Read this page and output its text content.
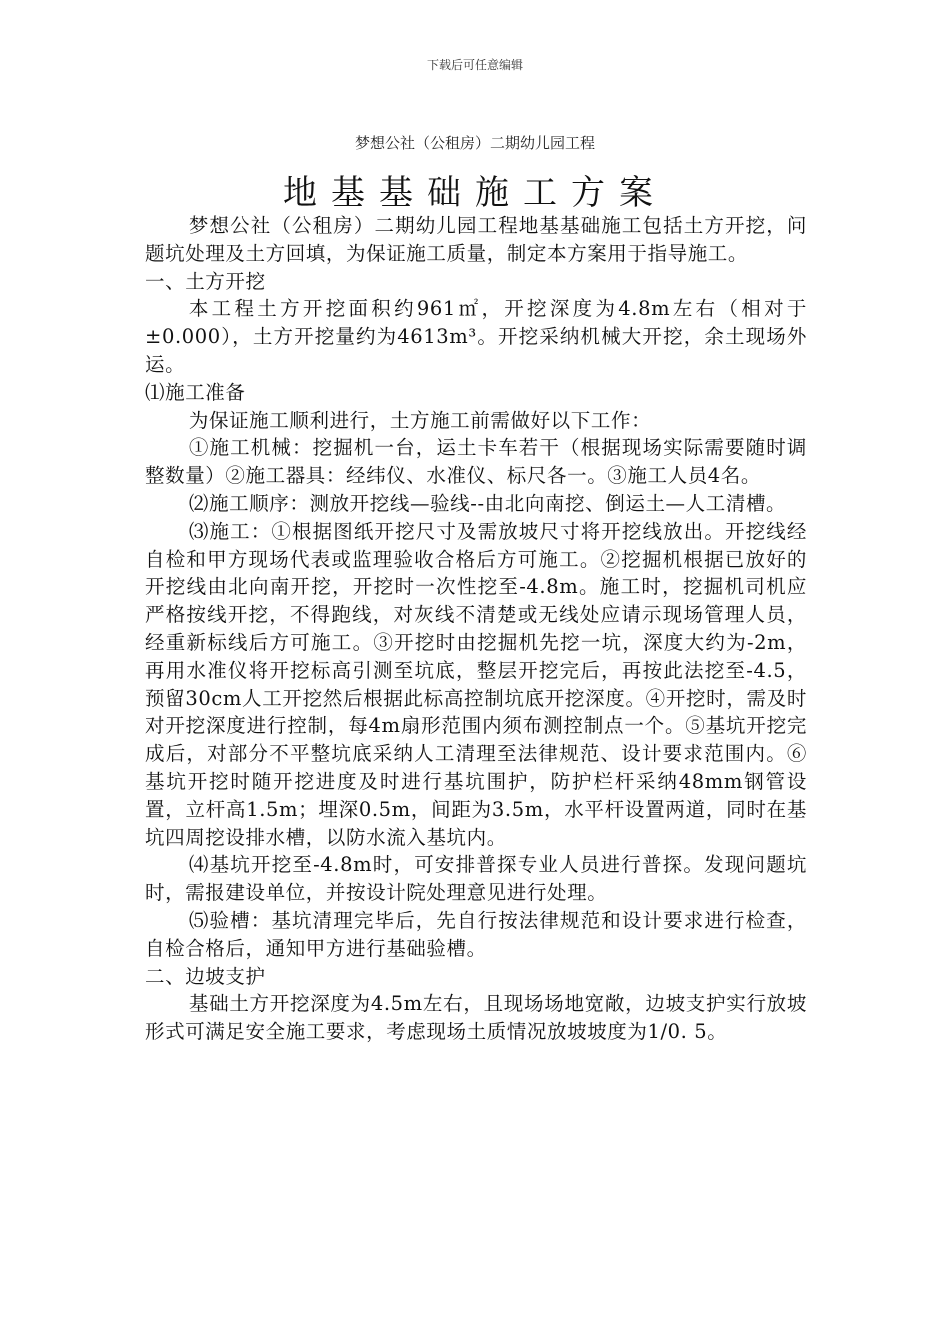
下载后可任意编辑
梦想公社（公租房）二期幼儿园工程
地基基础施工方案

梦想公社（公租房）二期幼儿园工程地基基础施工包括土方开挖，问题坑处理及土方回填，为保证施工质量，制定本方案用于指导施工。

一、土方开挖

本工程土方开挖面积约961㎡，开挖深度为4.8m左右（相对于±0.000），土方开挖量约为4613m³。开挖采纳机械大开挖，余土现场外运。

⑴施工准备

为保证施工顺利进行，土方施工前需做好以下工作：

①施工机械：挖掘机一台，运土卡车若干（根据现场实际需要随时调整数量）②施工器具：经纬仪、水准仪、标尺各一。③施工人员4名。

⑵施工顺序：测放开挖线—验线--由北向南挖、倒运土—人工清槽。

⑶施工：①根据图纸开挖尺寸及需放坡尺寸将开挖线放出。开挖线经自检和甲方现场代表或监理验收合格后方可施工。②挖掘机根据已放好的开挖线由北向南开挖，开挖时一次性挖至-4.8m。施工时，挖掘机司机应严格按线开挖，不得跑线，对灰线不清楚或无线处应请示现场管理人员，经重新标线后方可施工。③开挖时由挖掘机先挖一坑，深度大约为-2m，再用水准仪将开挖标高引测至坑底，整层开挖完后，再按此法挖至-4.5，预留30cm人工开挖然后根据此标高控制坑底开挖深度。④开挖时，需及时对开挖深度进行控制，每4m扇形范围内须布测控制点一个。⑤基坑开挖完成后，对部分不平整坑底采纳人工清理至法律规范、设计要求范围内。⑥基坑开挖时随开挖进度及时进行基坑围护，防护栏杆采纳48mm钢管设置，立杆高1.5m；埋深0.5m，间距为3.5m，水平杆设置两道，同时在基坑四周挖设排水槽，以防水流入基坑内。

⑷基坑开挖至-4.8m时，可安排普探专业人员进行普探。发现问题坑时，需报建设单位，并按设计院处理意见进行处理。

⑸验槽：基坑清理完毕后，先自行按法律规范和设计要求进行检查，自检合格后，通知甲方进行基础验槽。

二、边坡支护

基础土方开挖深度为4.5m左右，且现场场地宽敞，边坡支护实行放坡形式可满足安全施工要求，考虑现场土质情况放坡坡度为1/0. 5。
